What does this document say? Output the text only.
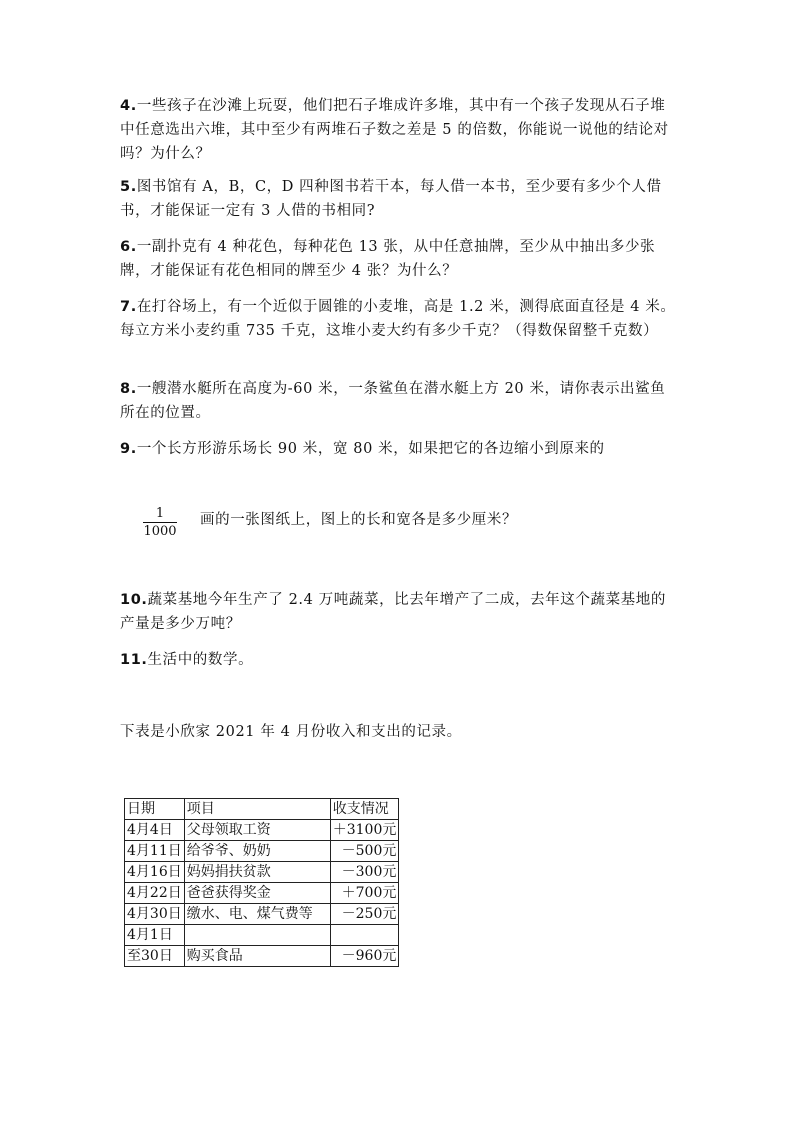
4.一些孩子在沙滩上玩耍，他们把石子堆成许多堆，其中有一个孩子发现从石子堆中任意选出六堆，其中至少有两堆石子数之差是 5 的倍数，你能说一说他的结论对吗？为什么？
5.图书馆有 A，B，C，D 四种图书若干本，每人借一本书，至少要有多少个人借书，才能保证一定有 3 人借的书相同?
6.一副扑克有 4 种花色，每种花色 13 张，从中任意抽牌，至少从中抽出多少张牌，才能保证有花色相同的牌至少 4 张？为什么？
7.在打谷场上，有一个近似于圆锥的小麦堆，高是 1.2 米，测得底面直径是 4 米。每立方米小麦约重 735 千克，这堆小麦大约有多少千克？（得数保留整千克数）
8.一艘潜水艇所在高度为-60 米，一条鲨鱼在潜水艇上方 20 米，请你表示出鲨鱼所在的位置。
9.一个长方形游乐场长 90 米，宽 80 米，如果把它的各边缩小到原来的
1
1000
画的一张图纸上，图上的长和宽各是多少厘米？
10.蔬菜基地今年生产了 2.4 万吨蔬菜，比去年增产了二成，去年这个蔬菜基地的产量是多少万吨？
11.生活中的数学。
下表是小欣家 2021 年 4 月份收入和支出的记录。
日期	项目	收支情况
4月4日	父母领取工资	＋3100元
4月11日	给爷爷、奶奶	－500元
4月16日	妈妈捐扶贫款	－300元
4月22日	爸爸获得奖金	＋700元
4月30日	缴水、电、煤气费等	－250元
4月1日		
至30日	购买食品	－960元
